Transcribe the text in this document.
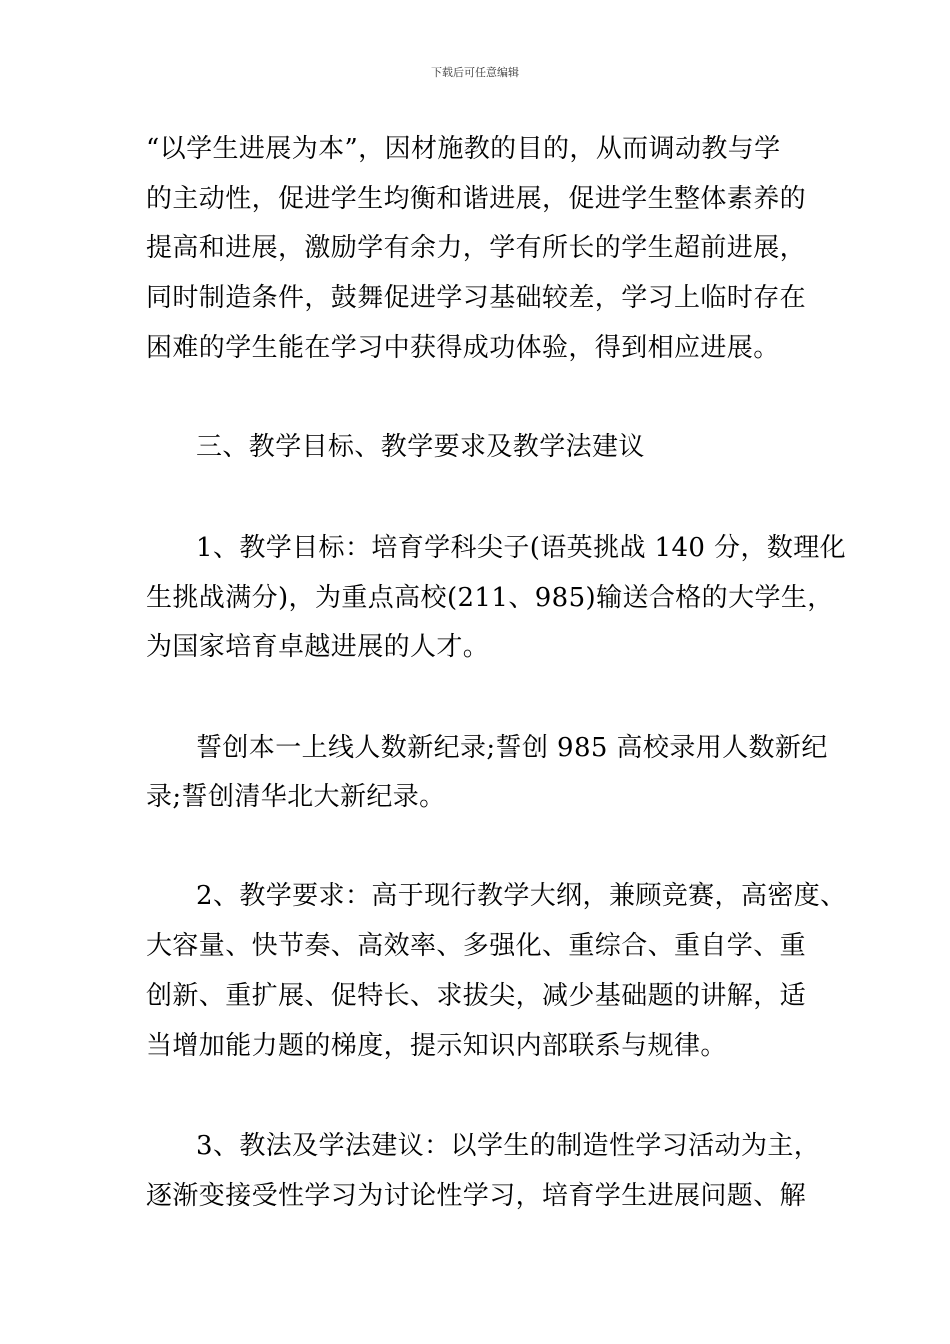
下载后可任意编辑
“以学生进展为本”，因材施教的目的，从而调动教与学
的主动性，促进学生均衡和谐进展，促进学生整体素养的
提高和进展，激励学有余力，学有所长的学生超前进展，
同时制造条件，鼓舞促进学习基础较差，学习上临时存在
困难的学生能在学习中获得成功体验，得到相应进展。
三、教学目标、教学要求及教学法建议
1、教学目标：培育学科尖子(语英挑战 140 分，数理化
生挑战满分)，为重点高校(211、985)输送合格的大学生，
为国家培育卓越进展的人才。
誓创本一上线人数新纪录;誓创 985 高校录用人数新纪
录;誓创清华北大新纪录。
2、教学要求：高于现行教学大纲，兼顾竞赛，高密度、
大容量、快节奏、高效率、多强化、重综合、重自学、重
创新、重扩展、促特长、求拔尖，减少基础题的讲解，适
当增加能力题的梯度，提示知识内部联系与规律。
3、教法及学法建议：以学生的制造性学习活动为主，
逐渐变接受性学习为讨论性学习，培育学生进展问题、解
